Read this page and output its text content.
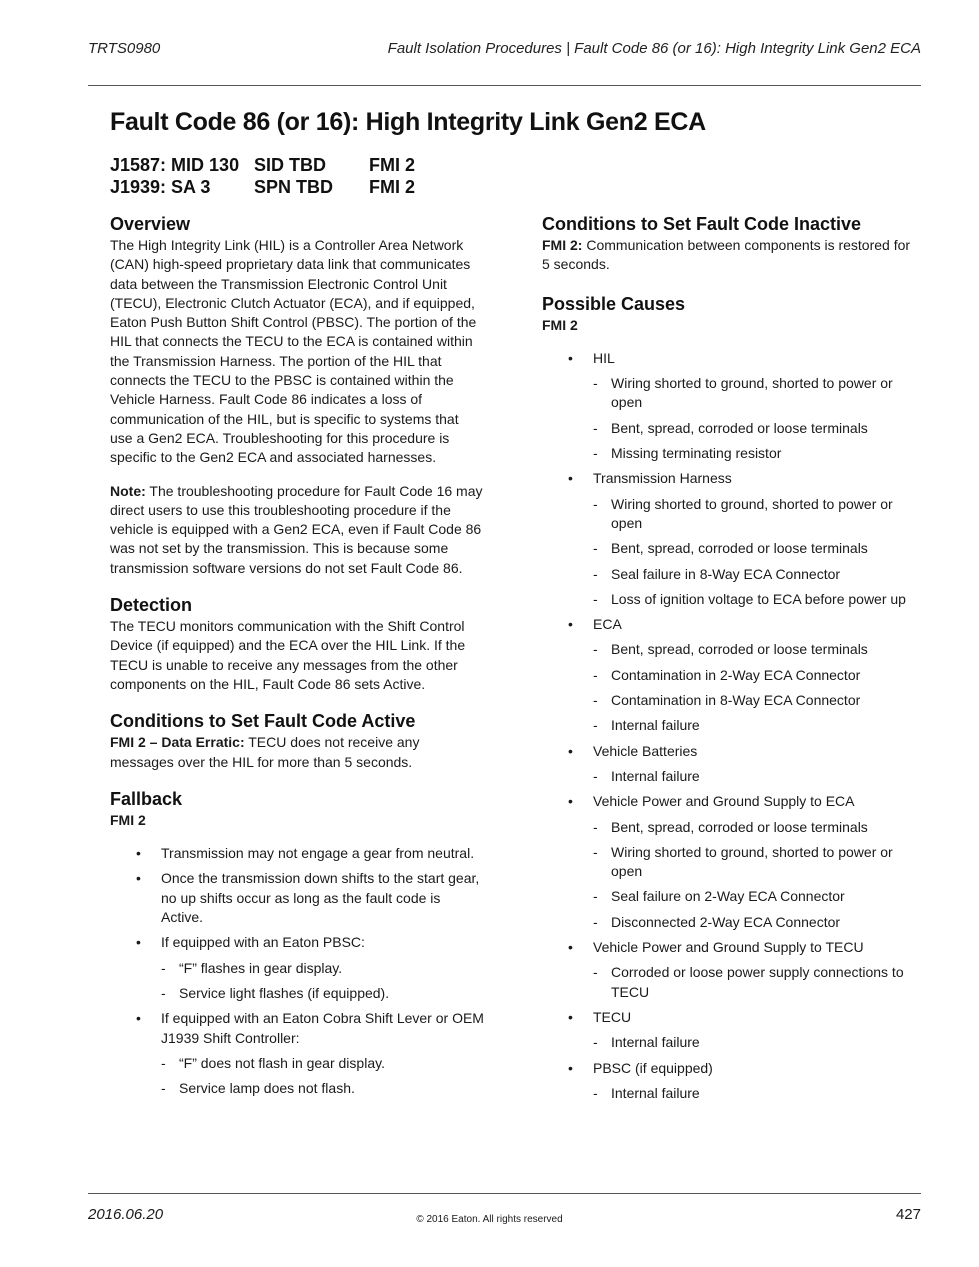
TRTS0980	Fault Isolation Procedures | Fault Code 86 (or 16): High Integrity Link Gen2 ECA
Fault Code 86 (or 16): High Integrity Link Gen2 ECA
J1587: MID 130 SID TBD	FMI 2
J1939: SA 3	SPN TBD	FMI 2
Overview

The High Integrity Link (HIL) is a Controller Area Network (CAN) high-speed proprietary data link that communicates data between the Transmission Electronic Control Unit (TECU), Electronic Clutch Actuator (ECA), and if equipped, Eaton Push Button Shift Control (PBSC). The portion of the HIL that connects the TECU to the ECA is contained within the Transmission Harness. The portion of the HIL that connects the TECU to the PBSC is contained within the Vehicle Harness. Fault Code 86 indicates a loss of communication of the HIL, but is specific to systems that use a Gen2 ECA. Troubleshooting for this procedure is specific to the Gen2 ECA and associated harnesses.

Note: The troubleshooting procedure for Fault Code 16 may direct users to use this troubleshooting procedure if the vehicle is equipped with a Gen2 ECA, even if Fault Code 86 was not set by the transmission. This is because some transmission software versions do not set Fault Code 86.

Detection

The TECU monitors communication with the Shift Control Device (if equipped) and the ECA over the HIL Link. If the TECU is unable to receive any messages from the other components on the HIL, Fault Code 86 sets Active.

Conditions to Set Fault Code Active

FMI 2 – Data Erratic: TECU does not receive any messages over the HIL for more than 5 seconds.

Fallback

FMI 2

• Transmission may not engage a gear from neutral.
• Once the transmission down shifts to the start gear, no up shifts occur as long as the fault code is Active.
• If equipped with an Eaton PBSC:
- “F” flashes in gear display.
- Service light flashes (if equipped).
• If equipped with an Eaton Cobra Shift Lever or OEM J1939 Shift Controller:
- “F” does not flash in gear display.
- Service lamp does not flash.
Conditions to Set Fault Code Inactive

FMI 2: Communication between components is restored for 5 seconds.

Possible Causes

FMI 2

• HIL
- Wiring shorted to ground, shorted to power or open
- Bent, spread, corroded or loose terminals
- Missing terminating resistor
• Transmission Harness
- Wiring shorted to ground, shorted to power or open
- Bent, spread, corroded or loose terminals
- Seal failure in 8-Way ECA Connector
- Loss of ignition voltage to ECA before power up
• ECA
- Bent, spread, corroded or loose terminals
- Contamination in 2-Way ECA Connector
- Contamination in 8-Way ECA Connector
- Internal failure
• Vehicle Batteries
- Internal failure
• Vehicle Power and Ground Supply to ECA
- Bent, spread, corroded or loose terminals
- Wiring shorted to ground, shorted to power or open
- Seal failure on 2-Way ECA Connector
- Disconnected 2-Way ECA Connector
• Vehicle Power and Ground Supply to TECU
- Corroded or loose power supply connections to TECU
• TECU
- Internal failure
• PBSC (if equipped)
- Internal failure
2016.06.20	© 2016 Eaton. All rights reserved	427
